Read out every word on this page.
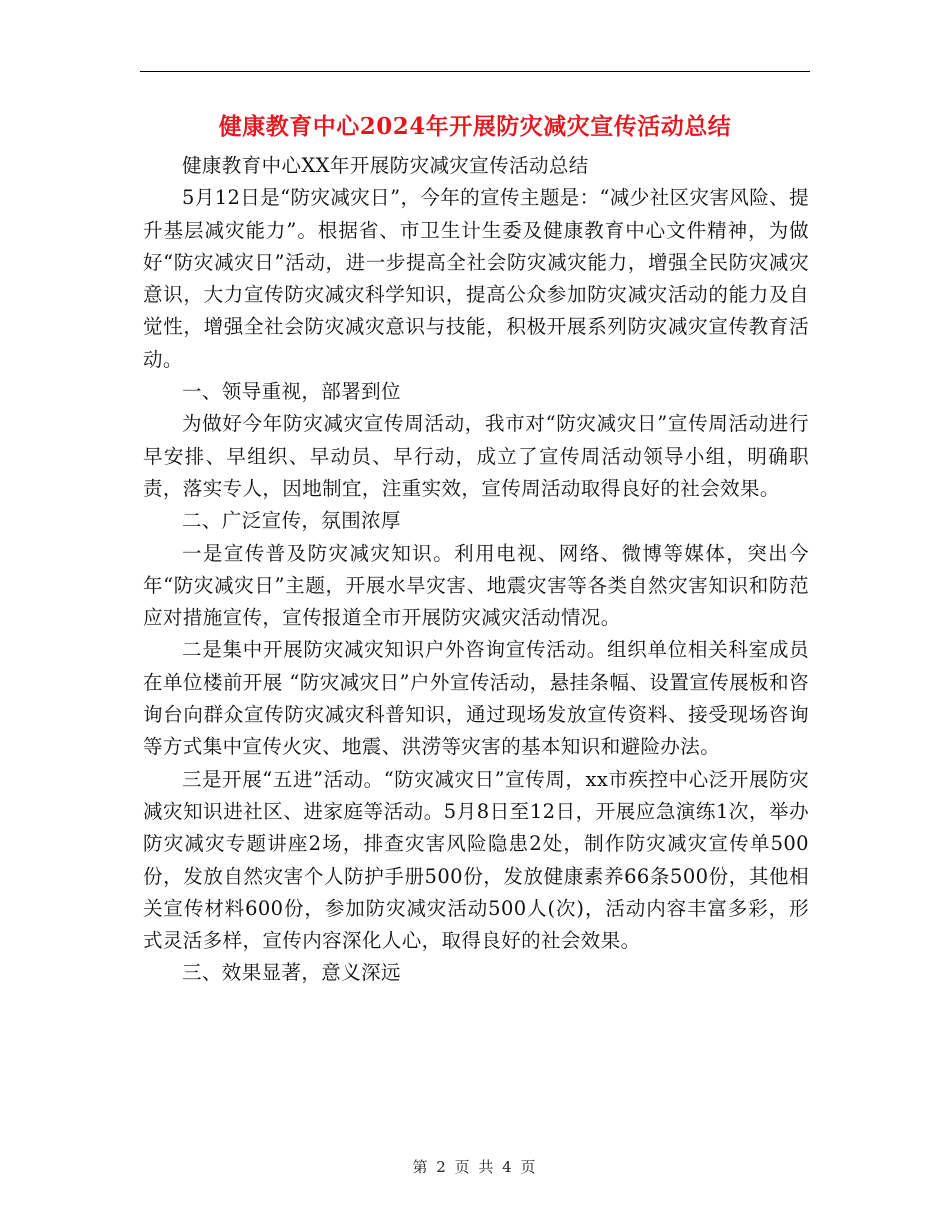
健康教育中心2024年开展防灾减灾宣传活动总结

健康教育中心XX年开展防灾减灾宣传活动总结

5月12日是“防灾减灾日”，今年的宣传主题是：“减少社区灾害风险、提升基层减灾能力”。根据省、市卫生计生委及健康教育中心文件精神，为做好“防灾减灾日”活动，进一步提高全社会防灾减灾能力，增强全民防灾减灾意识，大力宣传防灾减灾科学知识，提高公众参加防灾减灾活动的能力及自觉性，增强全社会防灾减灾意识与技能，积极开展系列防灾减灾宣传教育活动。

一、领导重视，部署到位

为做好今年防灾减灾宣传周活动，我市对“防灾减灾日”宣传周活动进行早安排、早组织、早动员、早行动，成立了宣传周活动领导小组，明确职责，落实专人，因地制宜，注重实效，宣传周活动取得良好的社会效果。

二、广泛宣传，氛围浓厚

一是宣传普及防灾减灾知识。利用电视、网络、微博等媒体，突出今年“防灾减灾日”主题，开展水旱灾害、地震灾害等各类自然灾害知识和防范应对措施宣传，宣传报道全市开展防灾减灾活动情况。

二是集中开展防灾减灾知识户外咨询宣传活动。组织单位相关科室成员在单位楼前开展 “防灾减灾日”户外宣传活动，悬挂条幅、设置宣传展板和咨询台向群众宣传防灾减灾科普知识，通过现场发放宣传资料、接受现场咨询等方式集中宣传火灾、地震、洪涝等灾害的基本知识和避险办法。

三是开展“五进”活动。“防灾减灾日”宣传周，xx市疾控中心泛开展防灾减灾知识进社区、进家庭等活动。5月8日至12日，开展应急演练1次，举办防灾减灾专题讲座2场，排查灾害风险隐患2处，制作防灾减灾宣传单500份，发放自然灾害个人防护手册500份，发放健康素养66条500份，其他相关宣传材料600份，参加防灾减灾活动500人(次)，活动内容丰富多彩，形式灵活多样，宣传内容深化人心，取得良好的社会效果。

三、效果显著，意义深远

第 2 页 共 4 页
